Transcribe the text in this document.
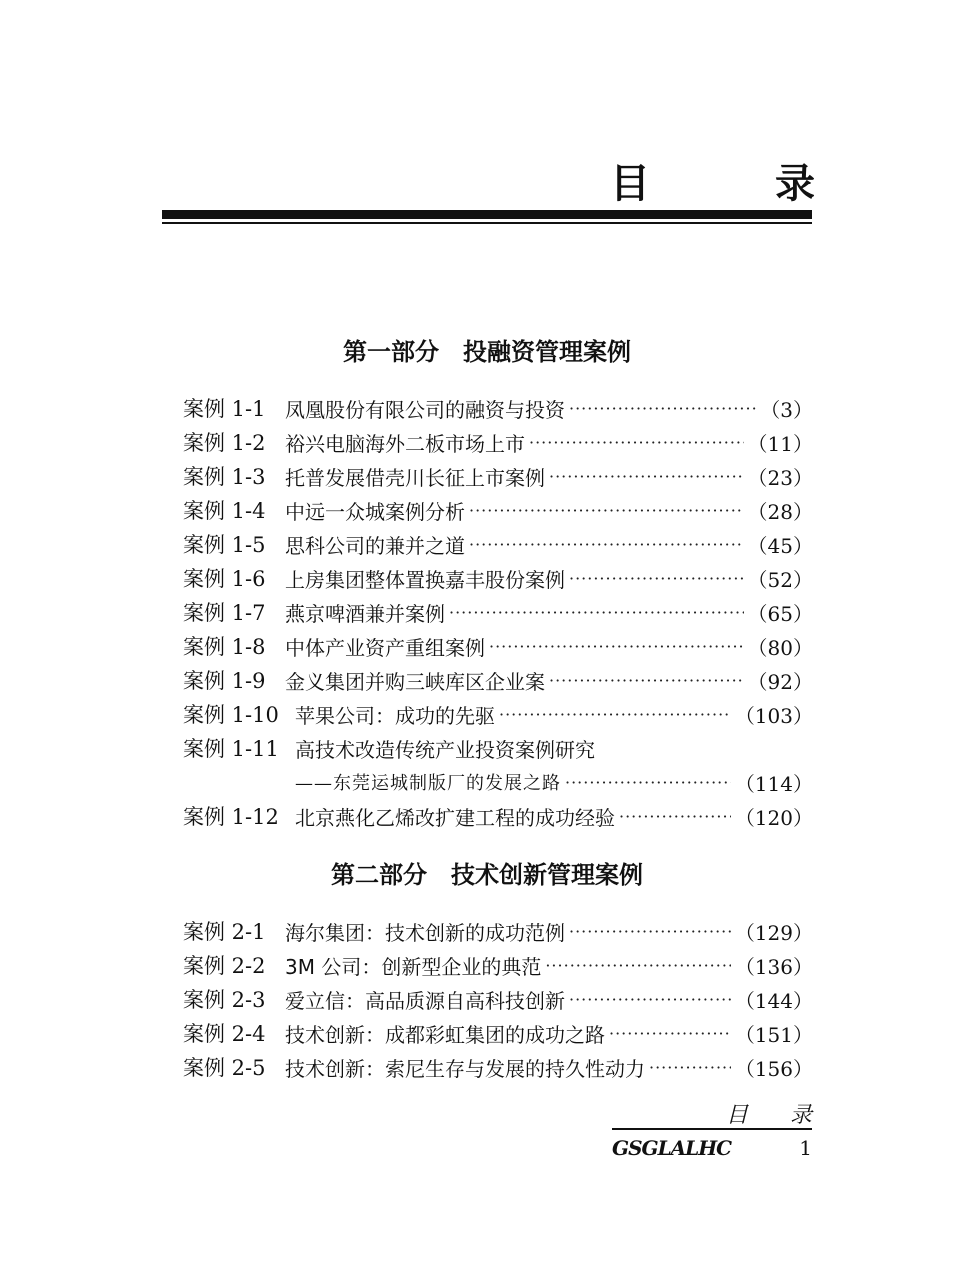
目	录
第一部分 投融资管理案例
案例 1-1 凤凰股份有限公司的融资与投资 ·····	（3）
案例 1-2 裕兴电脑海外二板市场上市 ·····	（11）
案例 1-3 托普发展借壳川长征上市案例 ·····	（23）
案例 1-4 中远一众城案例分析 ·····	（28）
案例 1-5 思科公司的兼并之道 ·····	（45）
案例 1-6 上房集团整体置换嘉丰股份案例 ·····	（52）
案例 1-7 燕京啤酒兼并案例 ·····	（65）
案例 1-8 中体产业资产重组案例 ·····	（80）
案例 1-9 金义集团并购三峡库区企业案 ·····	（92）
案例 1-10 苹果公司：成功的先驱 ·····	（103）
案例 1-11 高技术改造传统产业投资案例研究
——东莞运城制版厂的发展之路 ·····	（114）
案例 1-12 北京燕化乙烯改扩建工程的成功经验 ·····	（120）
第二部分 技术创新管理案例
案例 2-1 海尔集团：技术创新的成功范例 ·····	（129）
案例 2-2 3M 公司：创新型企业的典范 ·····	（136）
案例 2-3 爱立信：高品质源自高科技创新 ·····	（144）
案例 2-4 技术创新：成都彩虹集团的成功之路 ·····	（151）
案例 2-5 技术创新：索尼生存与发展的持久性动力 ·····	（156）
目 录
GSGLALHC	1
